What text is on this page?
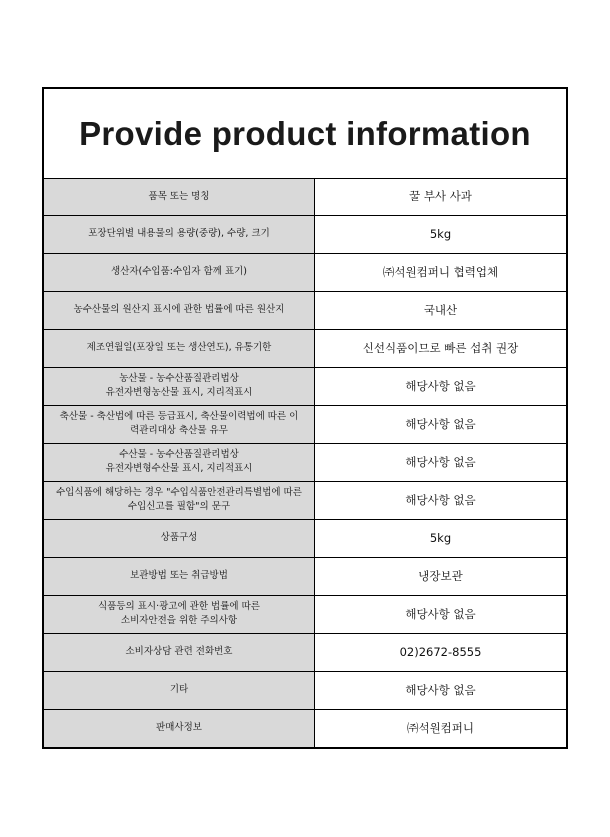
Provide product information
품목 또는 명칭	꿀 부사 사과
포장단위별 내용물의 용량(중량), 수량, 크기	5kg
생산자(수입품:수입자 함께 표기)	㈜석원컴퍼니 협력업체
농수산물의 원산지 표시에 관한 법률에 따른 원산지	국내산
제조연월일(포장일 또는 생산연도), 유통기한	신선식품이므로 빠른 섭취 권장
농산물 - 농수산품질관리법상
유전자변형농산물 표시, 지리적표시	해당사항 없음
축산물 - 축산법에 따른 등급표시, 축산물이력법에 따른 이
력관리대상 축산물 유무	해당사항 없음
수산물 - 농수산품질관리법상
유전자변형수산물 표시, 지리적표시	해당사항 없음
수입식품에 해당하는 경우 "수입식품안전관리특별법에 따른
수입신고를 필함"의 문구	해당사항 없음
상품구성	5kg
보관방법 또는 취급방법	냉장보관
식품등의 표시·광고에 관한 법률에 따른
소비자안전을 위한 주의사항	해당사항 없음
소비자상담 관련 전화번호	02)2672-8555
기타	해당사항 없음
판매사정보	㈜석원컴퍼니
